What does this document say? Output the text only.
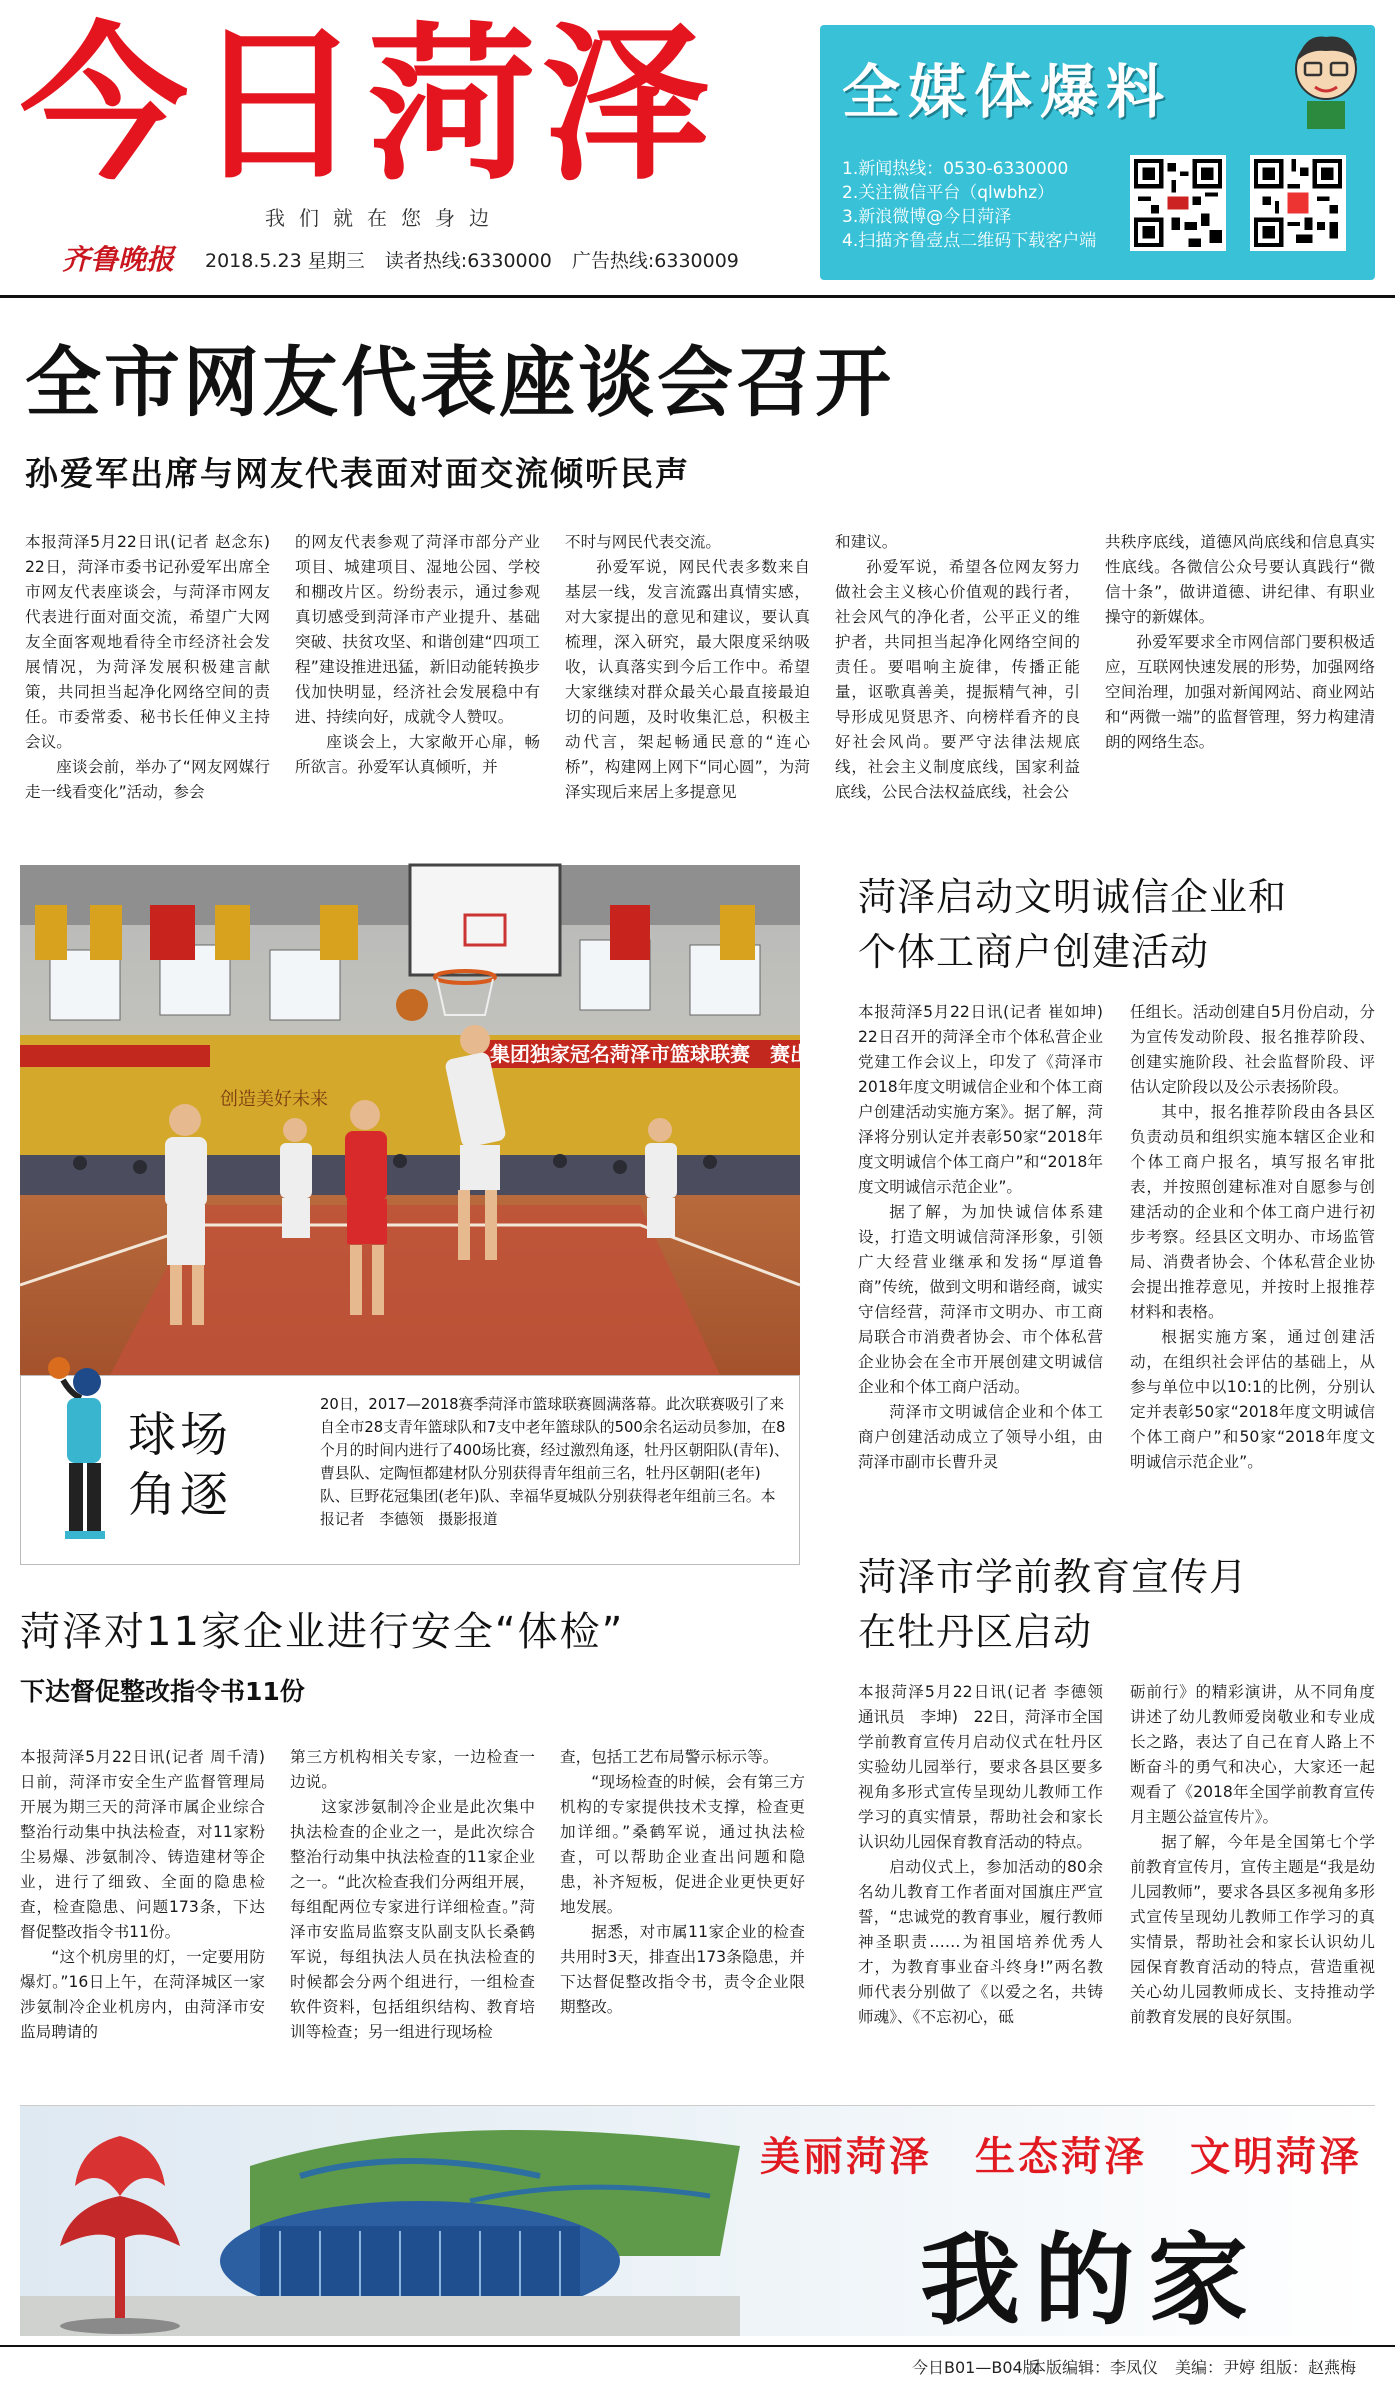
今日菏泽
我们就在您身边
齐鲁晚报 2018.5.23 星期三 读者热线:6330000 广告热线:6330009
全媒体爆料
1.新闻热线：0530-6330000
2.关注微信平台（qlwbhz）
3.新浪微博@今日菏泽
4.扫描齐鲁壹点二维码下载客户端
全市网友代表座谈会召开
孙爱军出席与网友代表面对面交流倾听民声

本报菏泽5月22日讯(记者 赵念东)　22日，菏泽市委书记孙爱军出席全市网友代表座谈会，与菏泽市网友代表进行面对面交流，希望广大网友全面客观地看待全市经济社会发展情况，为菏泽发展积极建言献策，共同担当起净化网络空间的责任。市委常委、秘书长任伸义主持会议。

座谈会前，举办了“网友网媒行走一线看变化”活动，参会

的网友代表参观了菏泽市部分产业项目、城建项目、湿地公园、学校和棚改片区。纷纷表示，通过参观真切感受到菏泽市产业提升、基础突破、扶贫攻坚、和谐创建“四项工程”建设推进迅猛，新旧动能转换步伐加快明显，经济社会发展稳中有进、持续向好，成就令人赞叹。

座谈会上，大家敞开心扉，畅所欲言。孙爱军认真倾听，并

不时与网民代表交流。

孙爱军说，网民代表多数来自基层一线，发言流露出真情实感，对大家提出的意见和建议，要认真梳理，深入研究，最大限度采纳吸收，认真落实到今后工作中。希望大家继续对群众最关心最直接最迫切的问题，及时收集汇总，积极主动代言，架起畅通民意的“连心桥”，构建网上网下“同心圆”，为菏泽实现后来居上多提意见

和建议。

孙爱军说，希望各位网友努力做社会主义核心价值观的践行者，社会风气的净化者，公平正义的维护者，共同担当起净化网络空间的责任。要唱响主旋律，传播正能量，讴歌真善美，提振精气神，引导形成见贤思齐、向榜样看齐的良好社会风尚。要严守法律法规底线，社会主义制度底线，国家利益底线，公民合法权益底线，社会公

共秩序底线，道德风尚底线和信息真实性底线。各微信公众号要认真践行“微信十条”，做讲道德、讲纪律、有职业操守的新媒体。

孙爱军要求全市网信部门要积极适应，互联网快速发展的形势，加强网络空间治理，加强对新闻网站、商业网站和“两微一端”的监督管理，努力构建清朗的网络生态。

集团独家冠名菏泽市篮球联赛　赛出风采　赛出成
创造美好未来
球场角逐
20日，2017—2018赛季菏泽市篮球联赛圆满落幕。此次联赛吸引了来自全市28支青年篮球队和7支中老年篮球队的500余名运动员参加，在8个月的时间内进行了400场比赛，经过激烈角逐，牡丹区朝阳队(青年)、曹县队、定陶恒都建材队分别获得青年组前三名，牡丹区朝阳(老年)队、巨野花冠集团(老年)队、幸福华夏城队分别获得老年组前三名。本报记者　李德领　摄影报道
菏泽启动文明诚信企业和
个体工商户创建活动

本报菏泽5月22日讯(记者 崔如坤)　22日召开的菏泽全市个体私营企业党建工作会议上，印发了《菏泽市2018年度文明诚信企业和个体工商户创建活动实施方案》。据了解，菏泽将分别认定并表彰50家“2018年度文明诚信个体工商户”和“2018年度文明诚信示范企业”。

据了解，为加快诚信体系建设，打造文明诚信菏泽形象，引领广大经营业继承和发扬“厚道鲁商”传统，做到文明和谐经商，诚实守信经营，菏泽市文明办、市工商局联合市消费者协会、市个体私营企业协会在全市开展创建文明诚信企业和个体工商户活动。

菏泽市文明诚信企业和个体工商户创建活动成立了领导小组，由菏泽市副市长曹升灵

任组长。活动创建自5月份启动，分为宣传发动阶段、报名推荐阶段、创建实施阶段、社会监督阶段、评估认定阶段以及公示表扬阶段。

其中，报名推荐阶段由各县区负责动员和组织实施本辖区企业和个体工商户报名，填写报名审批表，并按照创建标准对自愿参与创建活动的企业和个体工商户进行初步考察。经县区文明办、市场监管局、消费者协会、个体私营企业协会提出推荐意见，并按时上报推荐材料和表格。

根据实施方案，通过创建活动，在组织社会评估的基础上，从参与单位中以10:1的比例，分别认定并表彰50家“2018年度文明诚信个体工商户”和50家“2018年度文明诚信示范企业”。

菏泽对11家企业进行安全“体检”
下达督促整改指令书11份

本报菏泽5月22日讯(记者 周千清)　日前，菏泽市安全生产监督管理局开展为期三天的菏泽市属企业综合整治行动集中执法检查，对11家粉尘易爆、涉氨制冷、铸造建材等企业，进行了细致、全面的隐患检查，检查隐患、问题173条，下达督促整改指令书11份。

“这个机房里的灯，一定要用防爆灯。”16日上午，在菏泽城区一家涉氨制冷企业机房内，由菏泽市安监局聘请的

第三方机构相关专家，一边检查一边说。

这家涉氨制冷企业是此次集中执法检查的企业之一，是此次综合整治行动集中执法检查的11家企业之一。“此次检查我们分两组开展，每组配两位专家进行详细检查。”菏泽市安监局监察支队副支队长桑鹤军说，每组执法人员在执法检查的时候都会分两个组进行，一组检查软件资料，包括组织结构、教育培训等检查；另一组进行现场检

查，包括工艺布局警示标示等。

“现场检查的时候，会有第三方机构的专家提供技术支撑，检查更加详细。”桑鹤军说，通过执法检查，可以帮助企业查出问题和隐患，补齐短板，促进企业更快更好地发展。

据悉，对市属11家企业的检查共用时3天，排查出173条隐患，并下达督促整改指令书，责令企业限期整改。

菏泽市学前教育宣传月
在牡丹区启动

本报菏泽5月22日讯(记者 李德领　通讯员　李坤)　22日，菏泽市全国学前教育宣传月启动仪式在牡丹区实验幼儿园举行，要求各县区要多视角多形式宣传呈现幼儿教师工作学习的真实情景，帮助社会和家长认识幼儿园保育教育活动的特点。

启动仪式上，参加活动的80余名幼儿教育工作者面对国旗庄严宣誓，“忠诚党的教育事业，履行教师神圣职责……为祖国培养优秀人才，为教育事业奋斗终身!”两名教师代表分别做了《以爱之名，共铸师魂》、《不忘初心，砥

砺前行》的精彩演讲，从不同角度讲述了幼儿教师爱岗敬业和专业成长之路，表达了自己在育人路上不断奋斗的勇气和决心，大家还一起观看了《2018年全国学前教育宣传月主题公益宣传片》。

据了解，今年是全国第七个学前教育宣传月，宣传主题是“我是幼儿园教师”，要求各县区多视角多形式宣传呈现幼儿教师工作学习的真实情景，帮助社会和家长认识幼儿园保育教育活动的特点，营造重视关心幼儿园教师成长、支持推动学前教育发展的良好氛围。

美丽菏泽　生态菏泽　文明菏泽
我的家
今日B01—B04版
本版编辑：李凤仪 美编：尹婷 组版：赵燕梅
